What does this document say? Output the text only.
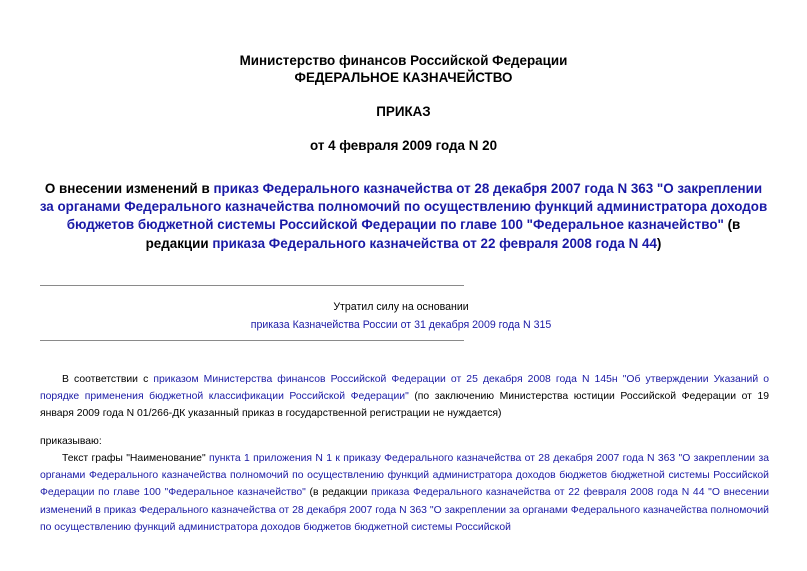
Министерство финансов Российской Федерации
ФЕДЕРАЛЬНОЕ КАЗНАЧЕЙСТВО
ПРИКАЗ
от 4 февраля 2009 года N 20
О внесении изменений в приказ Федерального казначейства от 28 декабря 2007 года N 363 "О закреплении за органами Федерального казначейства полномочий по осуществлению функций администратора доходов бюджетов бюджетной системы Российской Федерации по главе 100 "Федеральное казначейство" (в редакции приказа Федерального казначейства от 22 февраля 2008 года N 44)
Утратил силу на основании
приказа Казначейства России от 31 декабря 2009 года N 315
В соответствии с приказом Министерства финансов Российской Федерации от 25 декабря 2008 года N 145н "Об утверждении Указаний о порядке применения бюджетной классификации Российской Федерации" (по заключению Министерства юстиции Российской Федерации от 19 января 2009 года N 01/266-ДК указанный приказ в государственной регистрации не нуждается)
приказываю:
Текст графы "Наименование" пункта 1 приложения N 1 к приказу Федерального казначейства от 28 декабря 2007 года N 363 "О закреплении за органами Федерального казначейства полномочий по осуществлению функций администратора доходов бюджетов бюджетной системы Российской Федерации по главе 100 "Федеральное казначейство" (в редакции приказа Федерального казначейства от 22 февраля 2008 года N 44 "О внесении изменений в приказ Федерального казначейства от 28 декабря 2007 года N 363 "О закреплении за органами Федерального казначейства полномочий по осуществлению функций администратора доходов бюджетов бюджетной системы Российской
